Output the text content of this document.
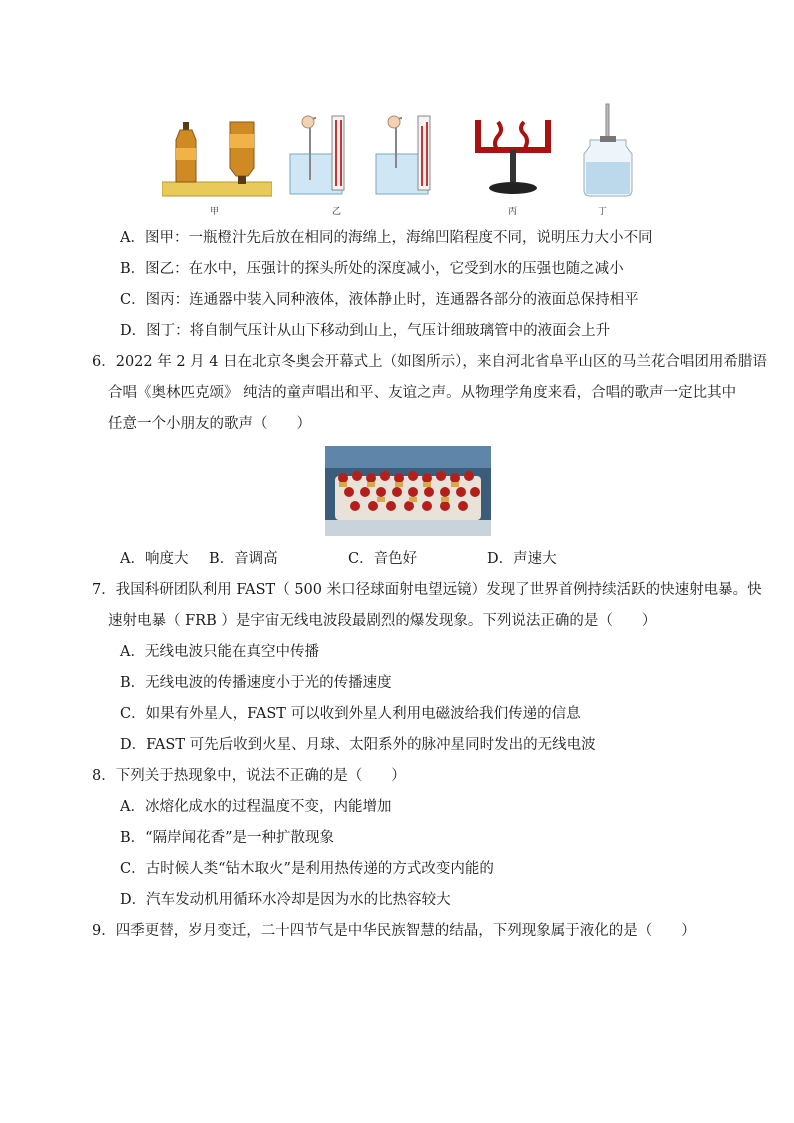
甲	乙	丙	丁
A．图甲：一瓶橙汁先后放在相同的海绵上，海绵凹陷程度不同，说明压力大小不同
B．图乙：在水中，压强计的探头所处的深度减小，它受到水的压强也随之减小
C．图丙：连通器中装入同种液体，液体静止时，连通器各部分的液面总保持相平
D．图丁：将自制气压计从山下移动到山上，气压计细玻璃管中的液面会上升
6．2022 年 2 月 4 日在北京冬奥会开幕式上（如图所示），来自河北省阜平山区的马兰花合唱团用希腊语
合唱《奥林匹克颂》 纯洁的童声唱出和平、友谊之声。从物理学角度来看，合唱的歌声一定比其中
任意一个小朋友的歌声（　　）
A．响度大 B．音调高	C．音色好	D．声速大
7．我国科研团队利用 FAST（ 500 米口径球面射电望远镜）发现了世界首例持续活跃的快速射电暴。快
速射电暴（ FRB ）是宇宙无线电波段最剧烈的爆发现象。下列说法正确的是（　　）
A．无线电波只能在真空中传播
B．无线电波的传播速度小于光的传播速度
C．如果有外星人，FAST 可以收到外星人利用电磁波给我们传递的信息
D．FAST 可先后收到火星、月球、太阳系外的脉冲星同时发出的无线电波
8．下列关于热现象中，说法不正确的是（　　）
A．冰熔化成水的过程温度不变，内能增加
B．“隔岸闻花香”是一种扩散现象
C．古时候人类“钻木取火”是利用热传递的方式改变内能的
D．汽车发动机用循环水冷却是因为水的比热容较大
9．四季更替，岁月变迁，二十四节气是中华民族智慧的结晶，下列现象属于液化的是（　　）
